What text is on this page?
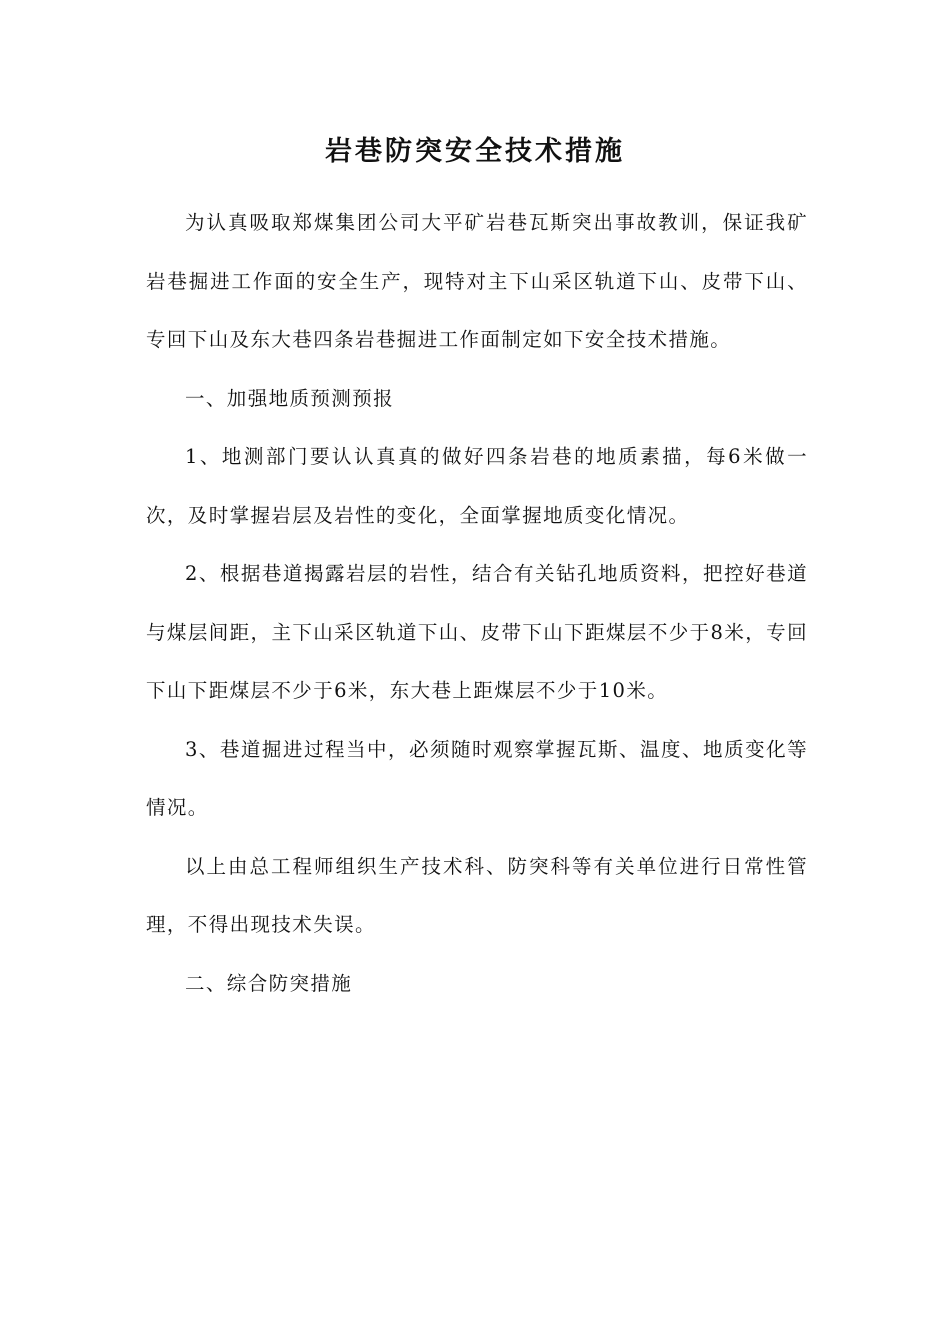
岩巷防突安全技术措施

为认真吸取郑煤集团公司大平矿岩巷瓦斯突出事故教训，保证我矿岩巷掘进工作面的安全生产，现特对主下山采区轨道下山、皮带下山、专回下山及东大巷四条岩巷掘进工作面制定如下安全技术措施。

一、加强地质预测预报

1、地测部门要认认真真的做好四条岩巷的地质素描，每6米做一次，及时掌握岩层及岩性的变化，全面掌握地质变化情况。

2、根据巷道揭露岩层的岩性，结合有关钻孔地质资料，把控好巷道与煤层间距，主下山采区轨道下山、皮带下山下距煤层不少于8米，专回下山下距煤层不少于6米，东大巷上距煤层不少于10米。

3、巷道掘进过程当中，必须随时观察掌握瓦斯、温度、地质变化等情况。

以上由总工程师组织生产技术科、防突科等有关单位进行日常性管理，不得出现技术失误。

二、综合防突措施
